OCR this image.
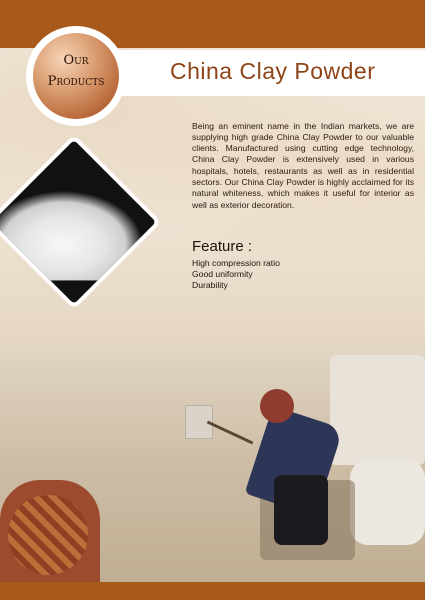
China Clay Powder
Our
Products

Being an eminent name in the Indian markets, we are supplying high grade China Clay Powder to our valuable clients. Manufactured using cutting edge technology, China Clay Powder is extensively used in various hospitals, hotels, restaurants as well as in residential sectors. Our China Clay Powder is highly acclaimed for its natural whiteness, which makes it useful for interior as well as exterior decoration.

Feature :
High compression ratio
Good uniformity
Durability
